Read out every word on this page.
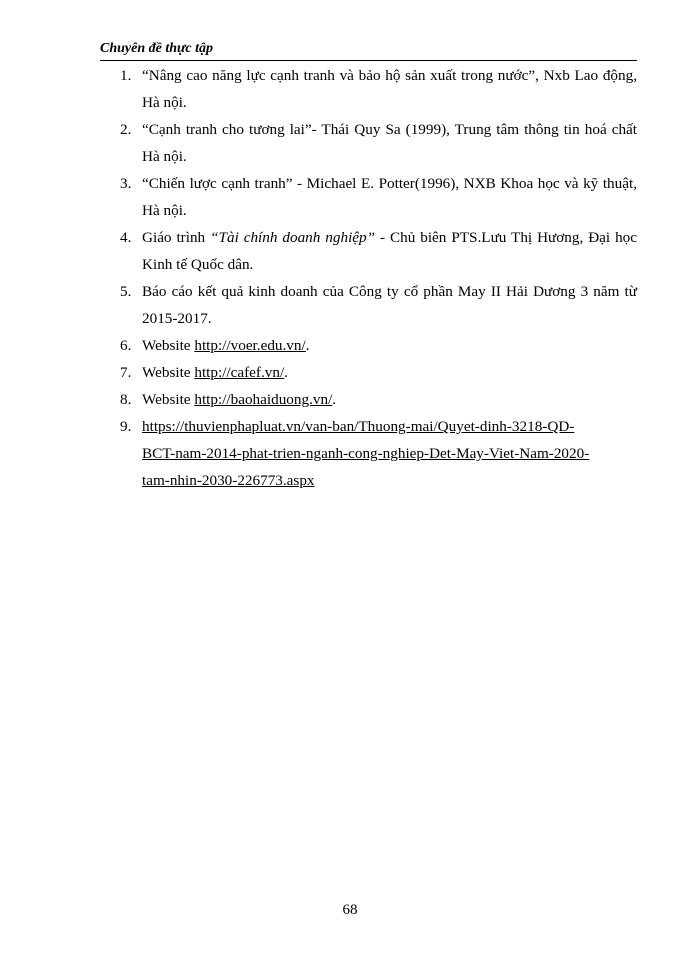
Chuyên đề thực tập
1. “Nâng cao năng lực cạnh tranh và bảo hộ sản xuất trong nước”, Nxb Lao động, Hà nội.
2. “Cạnh tranh cho tương lai”- Thái Quy Sa (1999), Trung tâm thông tin hoá chất Hà nội.
3. “Chiến lược cạnh tranh” - Michael E. Potter(1996), NXB Khoa học và kỹ thuật, Hà nội.
4. Giáo trình “Tài chính doanh nghiệp” - Chủ biên PTS.Lưu Thị Hương, Đại học Kinh tế Quốc dân.
5. Báo cáo kết quả kinh doanh của Công ty cổ phần May II Hải Dương 3 năm từ 2015-2017.
6. Website http://voer.edu.vn/.
7. Website http://cafef.vn/.
8. Website http://baohaiduong.vn/.
9. https://thuvienphapluat.vn/van-ban/Thuong-mai/Quyet-dinh-3218-QD-
BCT-nam-2014-phat-trien-nganh-cong-nghiep-Det-May-Viet-Nam-2020-
tam-nhin-2030-226773.aspx
68
